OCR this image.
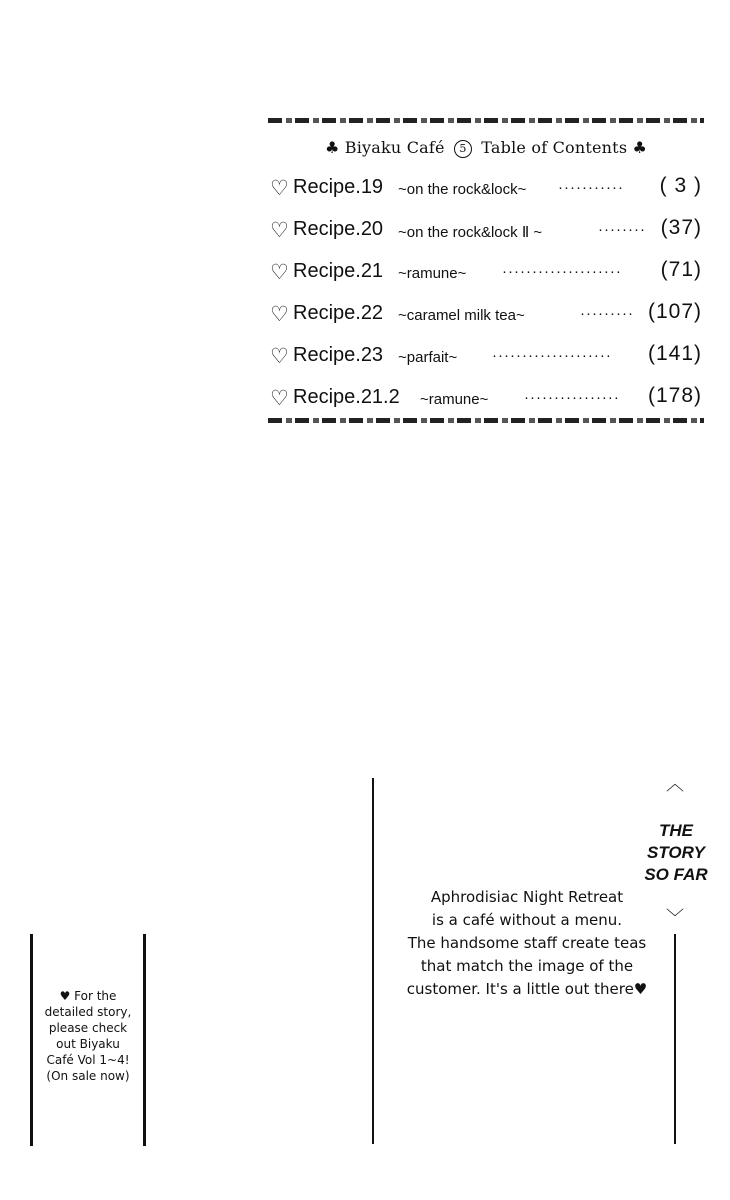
♣ Biyaku Café 5 Table of Contents ♣
♡ Recipe.19 ~on the rock&lock~ ···········	( 3 )
♡ Recipe.20 ~on the rock&lock Ⅱ ~	········ (37)
♡ Recipe.21 ~ramune~ ····················	(71)
♡ Recipe.22 ~caramel milk tea~	········· (107)
♡ Recipe.23 ~parfait~ ····················	(141)
♡ Recipe.21.2 ~ramune~ ················	(178)
︿
﹀
THE
STORY
SO FAR
Aphrodisiac Night Retreat
is a café without a menu.
The handsome staff create teas
that match the image of the
customer. It's a little out there♥
♥ For the
detailed story,
please check
out Biyaku
Café Vol 1~4!
(On sale now)
